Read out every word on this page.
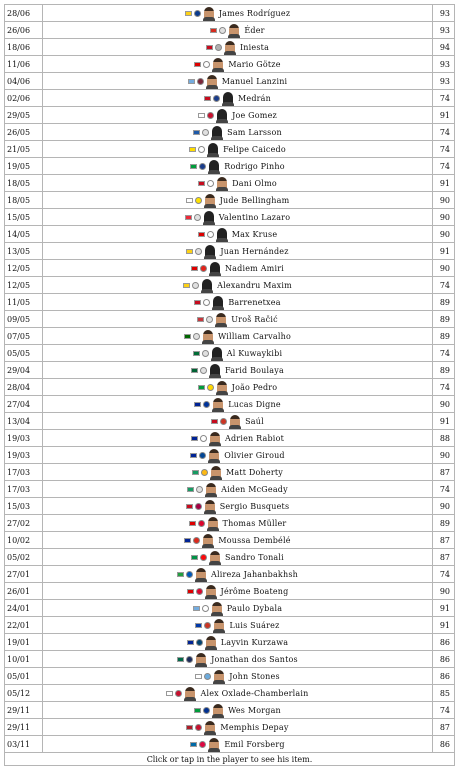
28/06	James Rodríguez	93
26/06	Éder	93
18/06	Iniesta	94
11/06	Mario Götze	93
04/06	Manuel Lanzini	93
02/06	Medrán	74
29/05	Joe Gomez	91
26/05	Sam Larsson	74
21/05	Felipe Caicedo	74
19/05	Rodrigo Pinho	74
18/05	Dani Olmo	91
18/05	Jude Bellingham	90
15/05	Valentino Lazaro	90
14/05	Max Kruse	90
13/05	Juan Hernández	91
12/05	Nadiem Amiri	90
12/05	Alexandru Maxim	74
11/05	Barrenetxea	89
09/05	Uroš Račić	89
07/05	William Carvalho	89
05/05	Al Kuwaykibi	74
29/04	Farid Boulaya	89
28/04	João Pedro	74
27/04	Lucas Digne	90
13/04	Saúl	91
19/03	Adrien Rabiot	88
19/03	Olivier Giroud	90
17/03	Matt Doherty	87
17/03	Aiden McGeady	74
15/03	Sergio Busquets	90
27/02	Thomas Müller	89
10/02	Moussa Dembélé	87
05/02	Sandro Tonali	87
27/01	Alireza Jahanbakhsh	74
26/01	Jérôme Boateng	90
24/01	Paulo Dybala	91
22/01	Luis Suárez	91
19/01	Layvin Kurzawa	86
10/01	Jonathan dos Santos	86
05/01	John Stones	86
05/12	Alex Oxlade-Chamberlain	85
29/11	Wes Morgan	74
29/11	Memphis Depay	87
03/11	Emil Forsberg	86
Click or tap in the player to see his item.		
